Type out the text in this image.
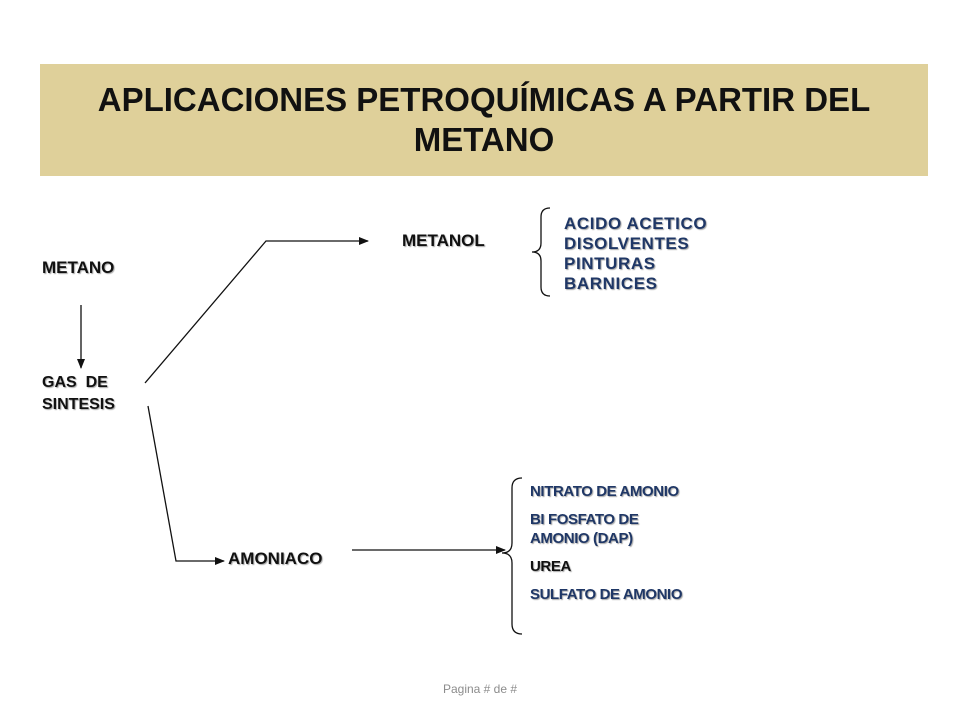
APLICACIONES PETROQUÍMICAS A PARTIR DEL METANO

METANO

GAS  DE
SINTESIS

METANOL

AMONIACO

ACIDO ACETICO
DISOLVENTES
PINTURAS
BARNICES
NITRATO DE AMONIO
BI FOSFATO DE AMONIO (DAP)
UREA
SULFATO DE AMONIO

Pagina # de #
